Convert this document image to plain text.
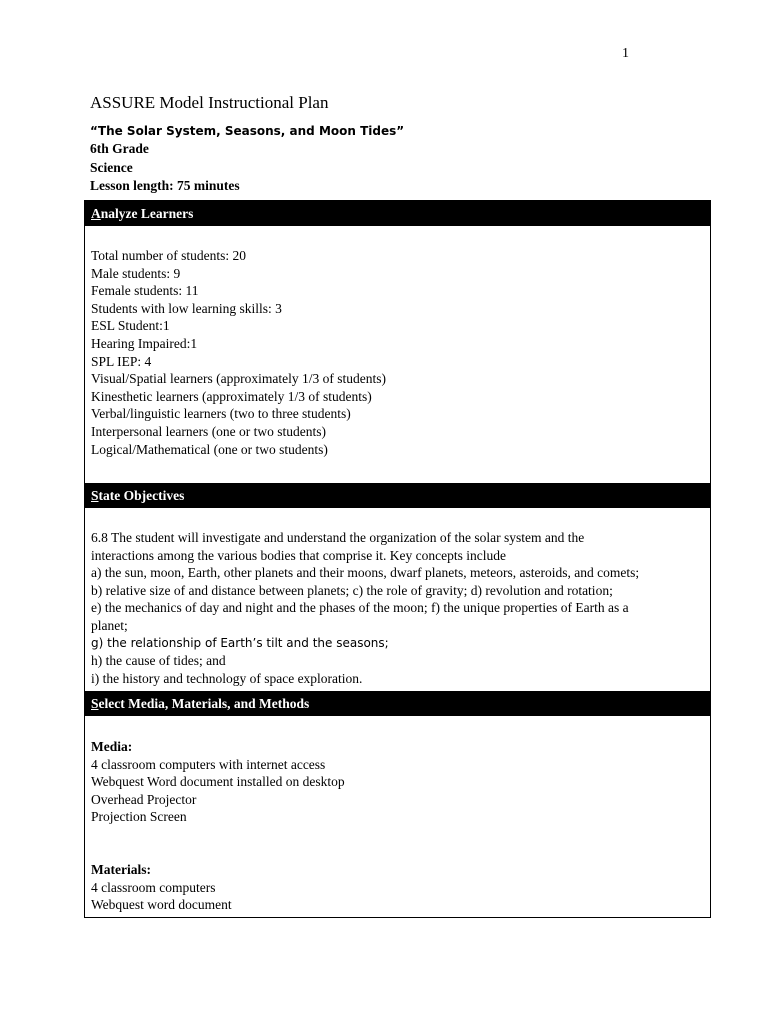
1
ASSURE Model Instructional Plan
“The Solar System, Seasons, and Moon Tides”
6th Grade
Science
Lesson length: 75 minutes
Analyze Learners
Total number of students: 20
Male students: 9
Female students: 11
Students with low learning skills: 3
ESL Student:1
Hearing Impaired:1
SPL IEP: 4
Visual/Spatial learners (approximately 1/3 of students)
Kinesthetic learners (approximately 1/3 of students)
Verbal/linguistic learners (two to three students)
Interpersonal learners (one or two students)
Logical/Mathematical (one or two students)
State Objectives
6.8 The student will investigate and understand the organization of the solar system and the
interactions among the various bodies that comprise it. Key concepts include
a) the sun, moon, Earth, other planets and their moons, dwarf planets, meteors, asteroids, and comets;
b) relative size of and distance between planets; c) the role of gravity; d) revolution and rotation;
e) the mechanics of day and night and the phases of the moon; f) the unique properties of Earth as a
planet;
g) the relationship of Earth’s tilt and the seasons;
h) the cause of tides; and
i) the history and technology of space exploration.
Select Media, Materials, and Methods
Media:
4 classroom computers with internet access
Webquest Word document installed on desktop
Overhead Projector
Projection Screen
Materials:
4 classroom computers
Webquest word document
